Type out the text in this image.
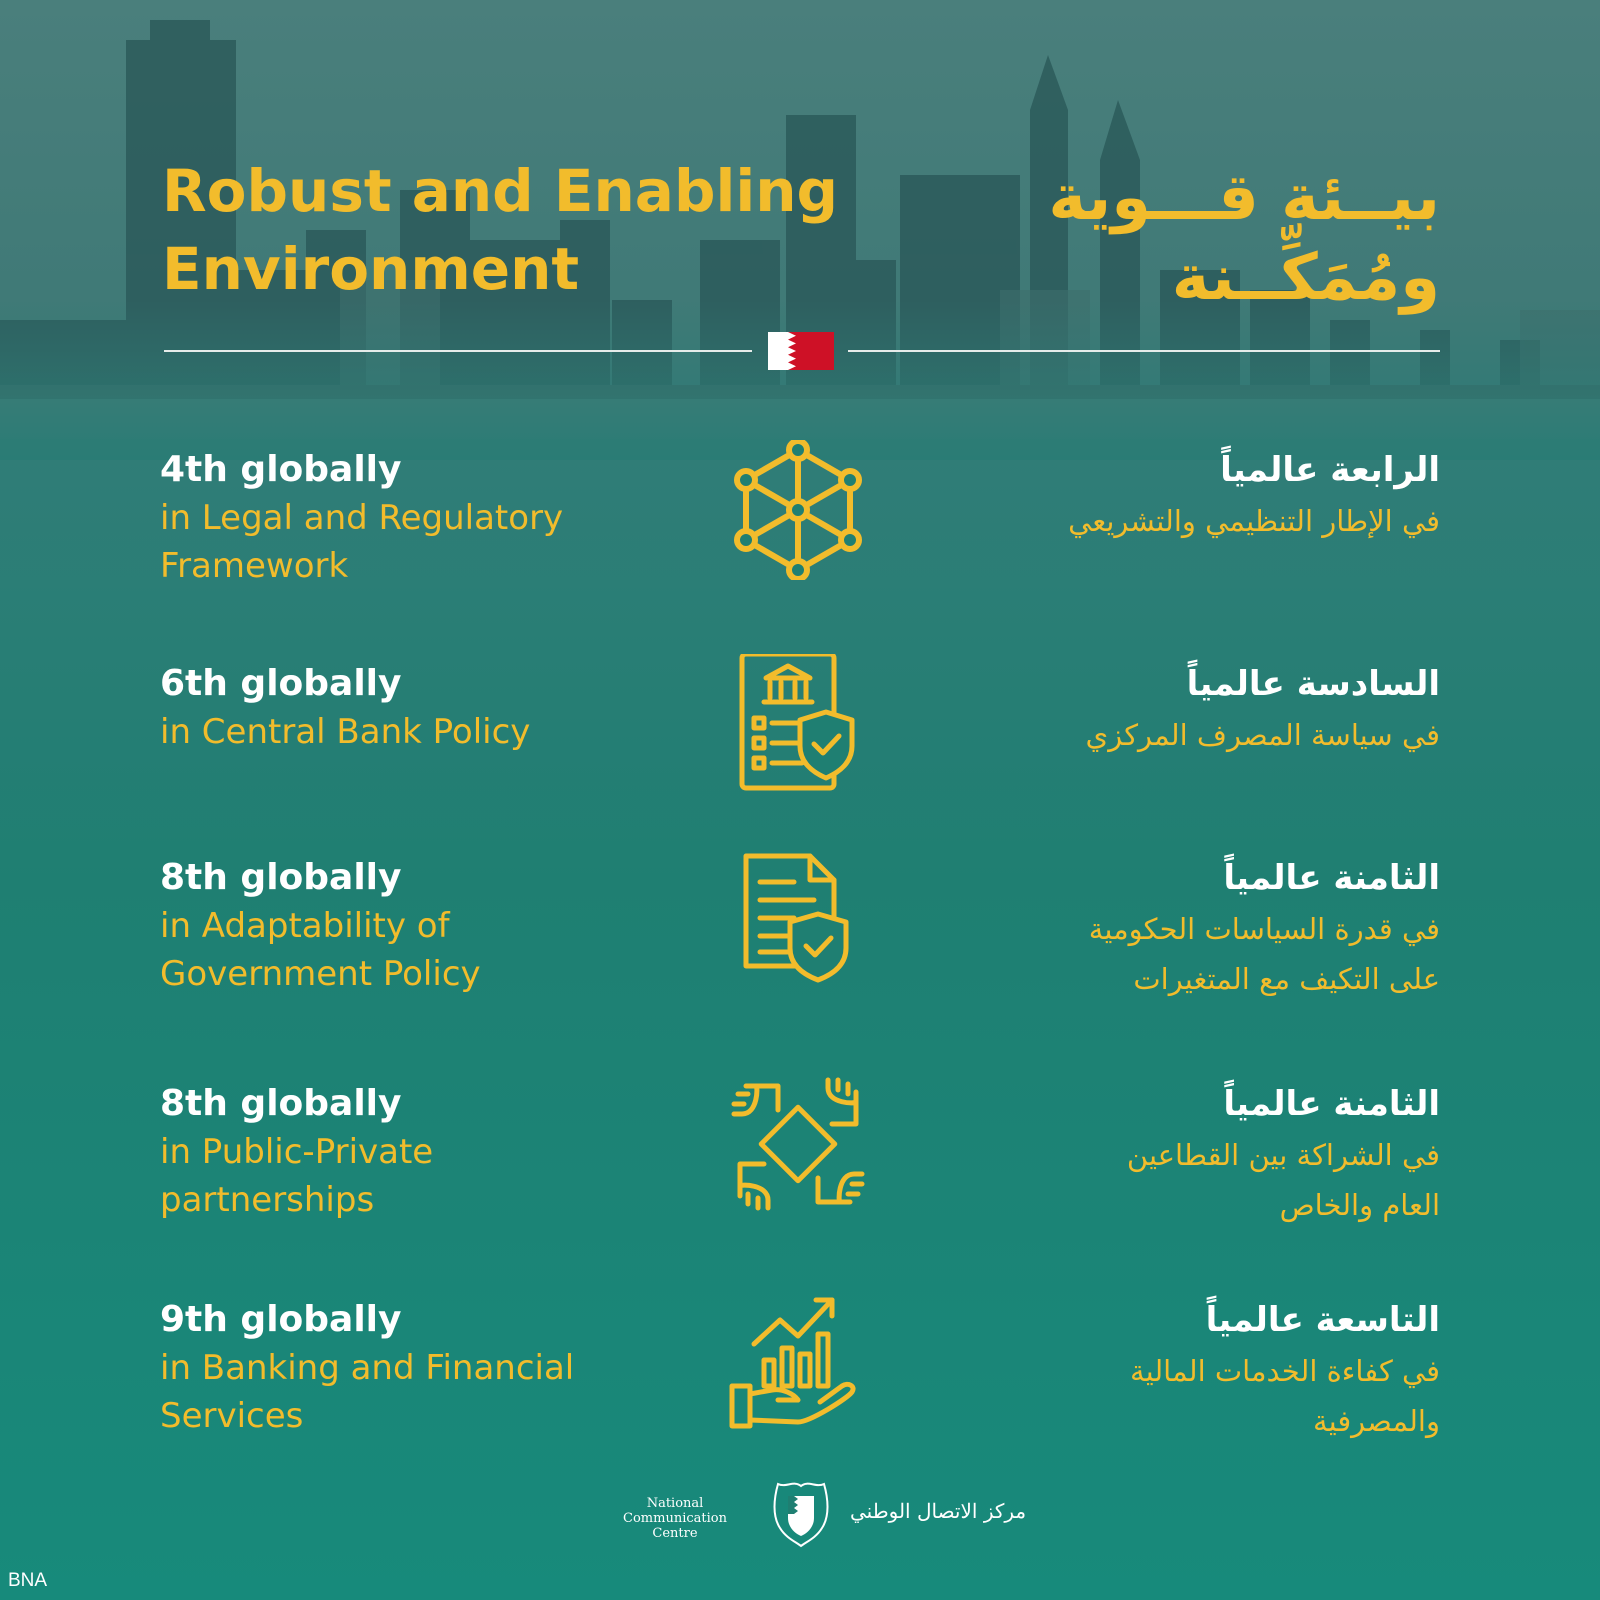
Robust and Enabling
Environment
بيــئة قـــوية
ومُمَكِّــنة

4th globally

in Legal and Regulatory
Framework

الرابعة عالمياً

في الإطار التنظيمي والتشريعي

6th globally

in Central Bank Policy

السادسة عالمياً

في سياسة المصرف المركزي

8th globally

in Adaptability of
Government Policy

الثامنة عالمياً

في قدرة السياسات الحكومية
على التكيف مع المتغيرات

8th globally

in Public-Private
partnerships

الثامنة عالمياً

في الشراكة بين القطاعين
العام والخاص

9th globally

in Banking and Financial
Services

التاسعة عالمياً

في كفاءة الخدمات المالية
والمصرفية

National
Communication Centre

مركز الاتصال الوطني

BNA
